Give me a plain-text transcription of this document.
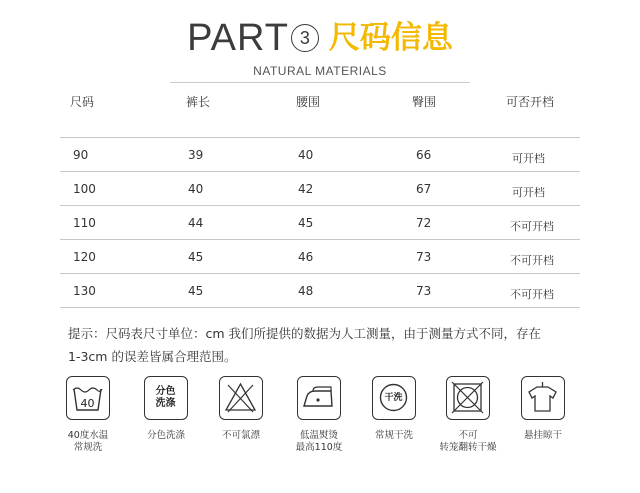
PART 3 尺码信息
NATURAL MATERIALS
尺码	裤长	腰围	臀围	可否开档
90	39	40	66	可开档
100	40	42	67	可开档
110	44	45	72	不可开档
120	45	46	73	不可开档
130	45	48	73	不可开档
提示：尺码表尺寸单位：cm 我们所提供的数据为人工测量，由于测量方式不同，存在
1-3cm 的误差皆属合理范围。
40
40度水温
常规洗
分色
洗涤
分色洗涤	不可氯漂	低温熨烫
最高110度
干洗
常规干洗	不可
转笼翻转干燥
悬挂晾干
